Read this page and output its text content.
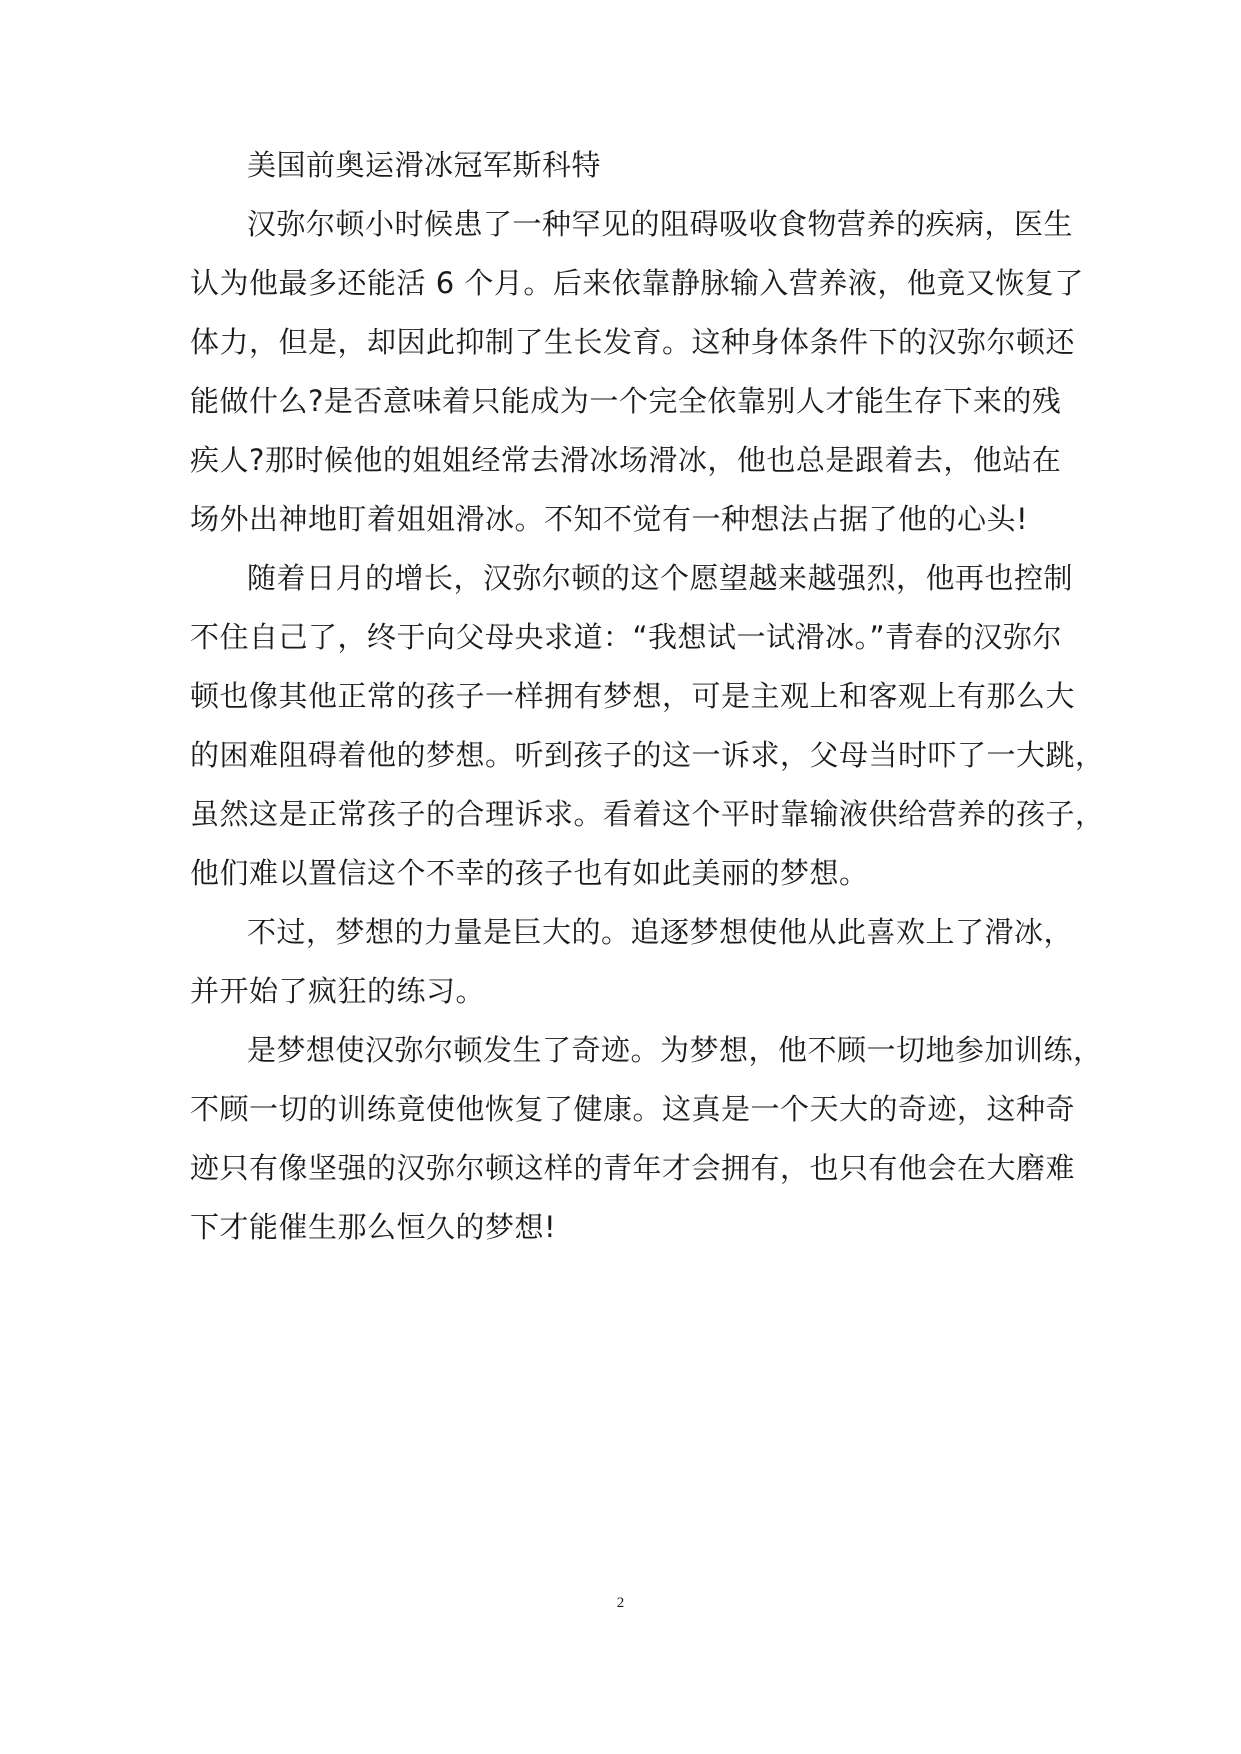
美国前奥运滑冰冠军斯科特
汉弥尔顿小时候患了一种罕见的阻碍吸收食物营养的疾病，医生
认为他最多还能活 6 个月。后来依靠静脉输入营养液，他竟又恢复了
体力，但是，却因此抑制了生长发育。这种身体条件下的汉弥尔顿还
能做什么?是否意味着只能成为一个完全依靠别人才能生存下来的残
疾人?那时候他的姐姐经常去滑冰场滑冰，他也总是跟着去，他站在
场外出神地盯着姐姐滑冰。不知不觉有一种想法占据了他的心头!
随着日月的增长，汉弥尔顿的这个愿望越来越强烈，他再也控制
不住自己了，终于向父母央求道：“我想试一试滑冰。”青春的汉弥尔
顿也像其他正常的孩子一样拥有梦想，可是主观上和客观上有那么大
的困难阻碍着他的梦想。听到孩子的这一诉求，父母当时吓了一大跳，
虽然这是正常孩子的合理诉求。看着这个平时靠输液供给营养的孩子，
他们难以置信这个不幸的孩子也有如此美丽的梦想。
不过，梦想的力量是巨大的。追逐梦想使他从此喜欢上了滑冰，
并开始了疯狂的练习。
是梦想使汉弥尔顿发生了奇迹。为梦想，他不顾一切地参加训练，
不顾一切的训练竟使他恢复了健康。这真是一个天大的奇迹，这种奇
迹只有像坚强的汉弥尔顿这样的青年才会拥有，也只有他会在大磨难
下才能催生那么恒久的梦想!
2
